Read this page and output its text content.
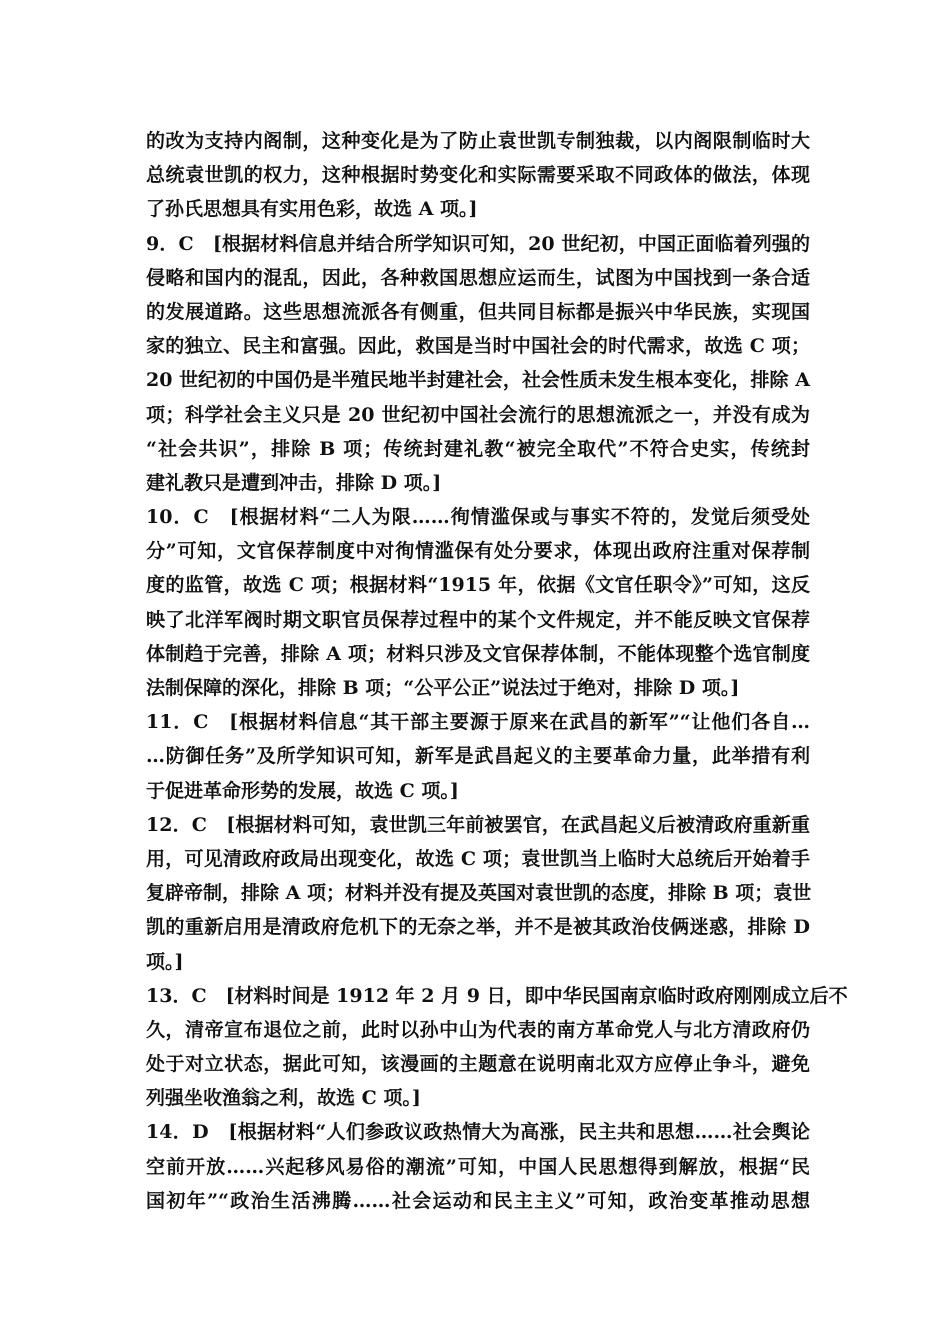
的改为支持内阁制，这种变化是为了防止袁世凯专制独裁，以内阁限制临时大
总统袁世凯的权力，这种根据时势变化和实际需要采取不同政体的做法，体现
了孙氏思想具有实用色彩，故选 A 项。]
9．C　[根据材料信息并结合所学知识可知，20 世纪初，中国正面临着列强的
侵略和国内的混乱，因此，各种救国思想应运而生，试图为中国找到一条合适
的发展道路。这些思想流派各有侧重，但共同目标都是振兴中华民族，实现国
家的独立、民主和富强。因此，救国是当时中国社会的时代需求，故选 C 项；
20 世纪初的中国仍是半殖民地半封建社会，社会性质未发生根本变化，排除 A
项；科学社会主义只是 20 世纪初中国社会流行的思想流派之一，并没有成为
“社会共识”，排除 B 项；传统封建礼教“被完全取代”不符合史实，传统封
建礼教只是遭到冲击，排除 D 项。]
10．C　[根据材料“二人为限……徇情滥保或与事实不符的，发觉后须受处
分”可知，文官保荐制度中对徇情滥保有处分要求，体现出政府注重对保荐制
度的监管，故选 C 项；根据材料“1915 年，依据《文官任职令》”可知，这反
映了北洋军阀时期文职官员保荐过程中的某个文件规定，并不能反映文官保荐
体制趋于完善，排除 A 项；材料只涉及文官保荐体制，不能体现整个选官制度
法制保障的深化，排除 B 项；“公平公正”说法过于绝对，排除 D 项。]
11．C　[根据材料信息“其干部主要源于原来在武昌的新军”“让他们各自…
…防御任务”及所学知识可知，新军是武昌起义的主要革命力量，此举措有利
于促进革命形势的发展，故选 C 项。]
12．C　[根据材料可知，袁世凯三年前被罢官，在武昌起义后被清政府重新重
用，可见清政府政局出现变化，故选 C 项；袁世凯当上临时大总统后开始着手
复辟帝制，排除 A 项；材料并没有提及英国对袁世凯的态度，排除 B 项；袁世
凯的重新启用是清政府危机下的无奈之举，并不是被其政治伎俩迷惑，排除 D
项。]
13．C　[材料时间是 1912 年 2 月 9 日，即中华民国南京临时政府刚刚成立后不
久，清帝宣布退位之前，此时以孙中山为代表的南方革命党人与北方清政府仍
处于对立状态，据此可知，该漫画的主题意在说明南北双方应停止争斗，避免
列强坐收渔翁之利，故选 C 项。]
14．D　[根据材料“人们参政议政热情大为高涨，民主共和思想……社会舆论
空前开放……兴起移风易俗的潮流”可知，中国人民思想得到解放，根据“民
国初年”“政治生活沸腾……社会运动和民主主义”可知，政治变革推动思想
